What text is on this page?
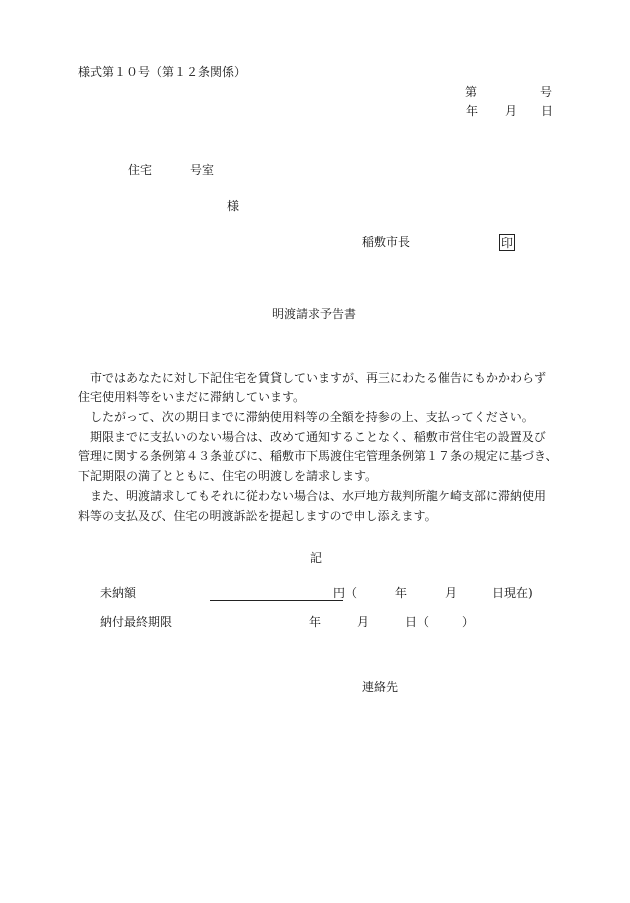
様式第１０号（第１２条関係）
第	号
年 月 日
住宅	号室
様
稲敷市長	印
明渡請求予告書
市ではあなたに対し下記住宅を賃貸していますが、再三にわたる催告にもかかわらず
住宅使用料等をいまだに滞納しています。
したがって、次の期日までに滞納使用料等の全額を持参の上、支払ってください。
期限までに支払いのない場合は、改めて通知することなく、稲敷市営住宅の設置及び
管理に関する条例第４３条並びに、稲敷市下馬渡住宅管理条例第１７条の規定に基づき、
下記期限の満了とともに、住宅の明渡しを請求します。
また、明渡請求してもそれに従わない場合は、水戸地方裁判所龍ケ崎支部に滞納使用
料等の支払及び、住宅の明渡訴訟を提起しますので申し添えます。
記
未納額	円（	年	月	日現在)
納付最終期限	年	月	日（	）
連絡先
